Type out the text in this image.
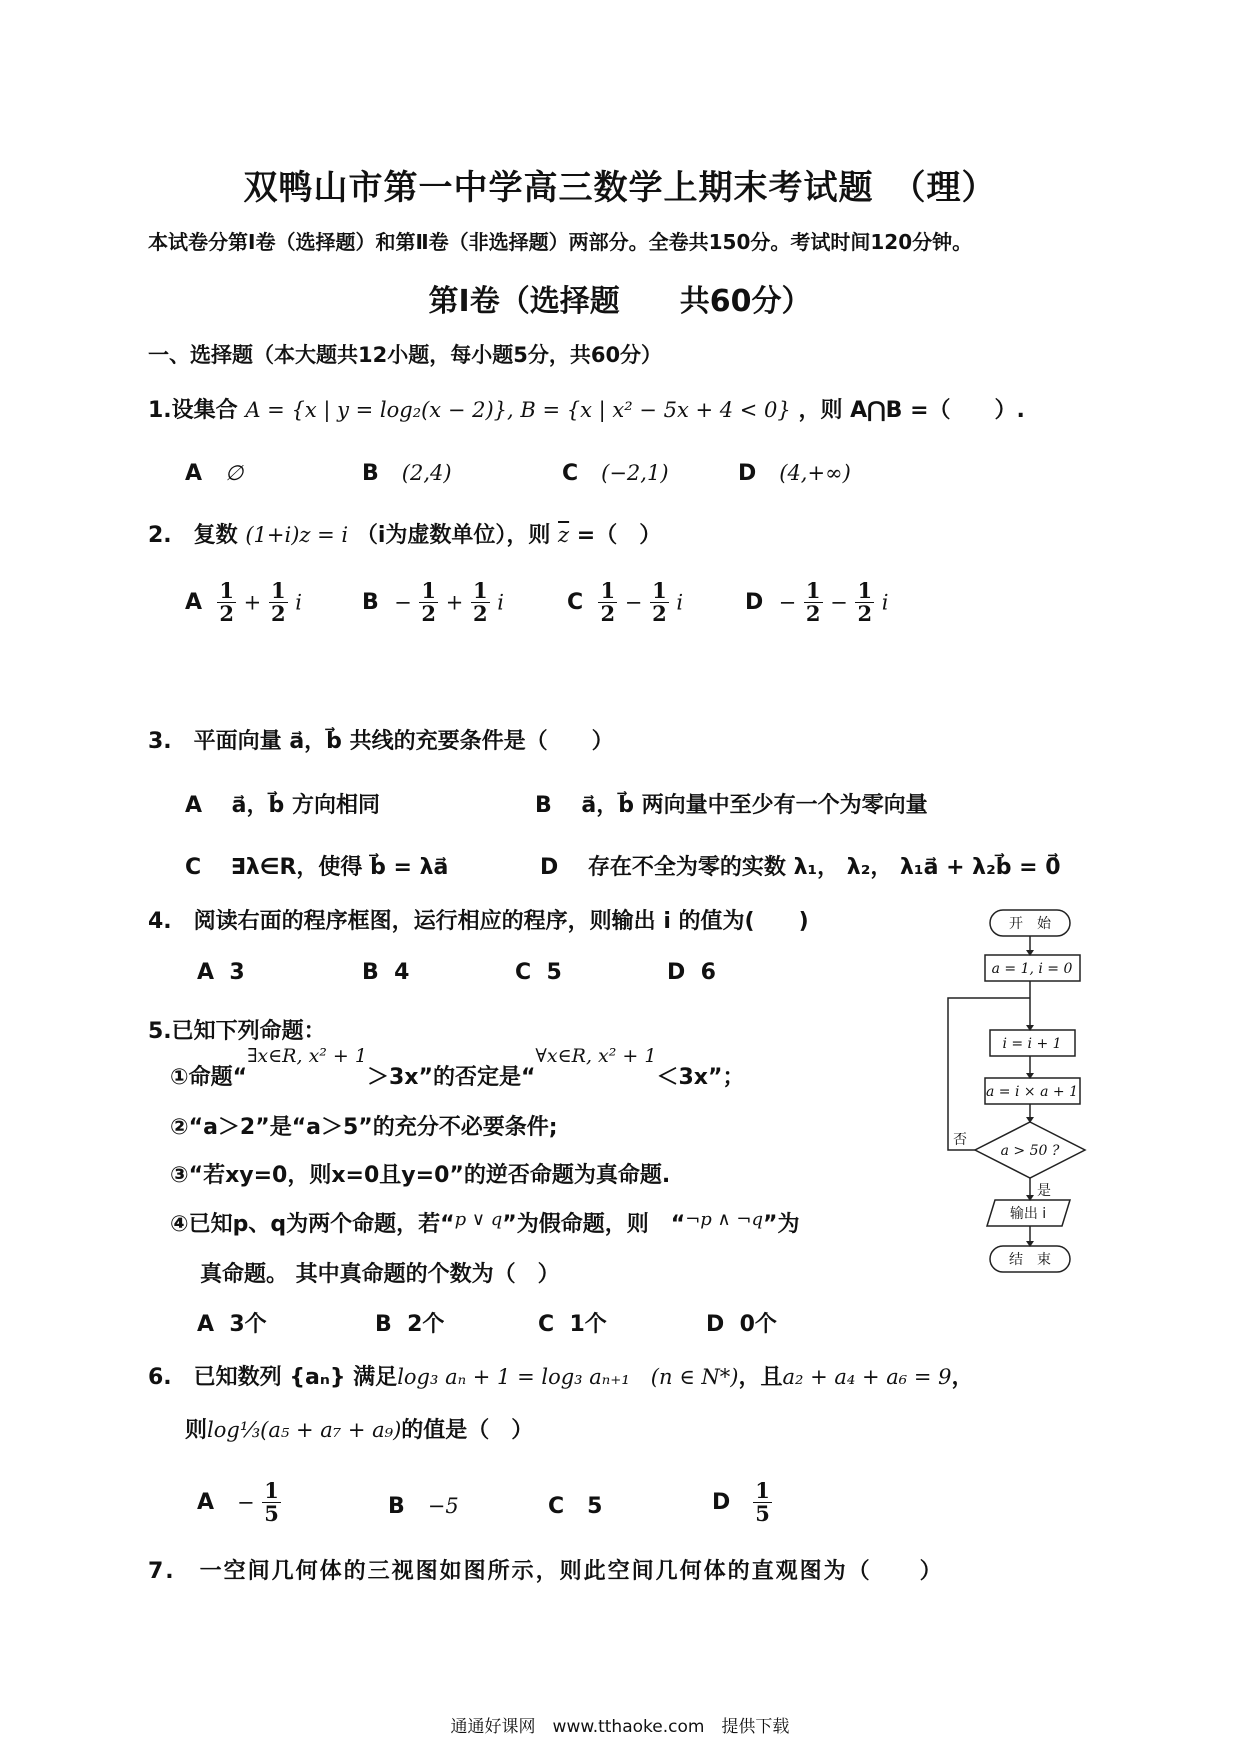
双鸭山市第一中学高三数学上期末考试题　（理）
本试卷分第Ⅰ卷（选择题）和第Ⅱ卷（非选择题）两部分。全卷共150分。考试时间120分钟。
第Ⅰ卷（选择题　　共60分）
一、选择题（本大题共12小题，每小题5分，共60分）
1.设集合 A = {x | y = log₂(x − 2)}, B = {x | x² − 5x + 4 < 0} ，则 A⋂B =（　　）.
A ∅	B (2,4)	C (−2,1)	D (4,+∞)
2.　复数 (1+i)z = i （i为虚数单位），则 $\overline{z}$ =（　）
A $\frac{1}{2} + \frac{1}{2}$ i	$B - \frac{1}{2} + \frac{1}{2}$ i	C $\frac{1}{2} - \frac{1}{2}$ i	$D - \frac{1}{2} - \frac{1}{2}$ i
3.　平面向量 a⃗，b⃗ 共线的充要条件是（　　）
A　 a⃗，b⃗ 方向相同	B　 a⃗，b⃗ 两向量中至少有一个为零向量
C　 ∃λ∈R，使得 b⃗ = λa⃗	D　 存在不全为零的实数 λ₁， λ₂， λ₁a⃗ + λ₂b⃗ = 0⃗
4.　阅读右面的程序框图，运行相应的程序，则输出 i 的值为(　　)
A 3	B 4	C 5	D 6
5.已知下列命题：
①命题“∃x∈R, x² + 1＞3x”的否定是“∀x∈R, x² + 1＜3x”；
②“a＞2”是“a＞5”的充分不必要条件;
③“若xy=0，则x=0且y=0”的逆否命题为真命题.
④已知p、q为两个命题，若“$^{p \vee q}$”为假命题，则　“$^{\neg p \wedge \neg q}$”为
真命题。 其中真命题的个数为（　）
A 3个	B 2个	C 1个	D 0个
6.　已知数列 {aₙ} 满足log₃ aₙ + 1 = log₃ aₙ₊₁　(n ∈ N*)，且a₂ + a₄ + a₆ = 9，
则log⅓(a₅ + a₇ + a₉)的值是（　）
$A - \frac{1}{5}$	B −5	C 5	D $\frac{1}{5}$
7.　一空间几何体的三视图如图所示，则此空间几何体的直观图为（　　）
开　始
a = 1, i = 0
i = i + 1
a = i × a + 1
a > 50 ?
否
是
输出 i
结　束
通通好课网　www.tthaoke.com　提供下载
